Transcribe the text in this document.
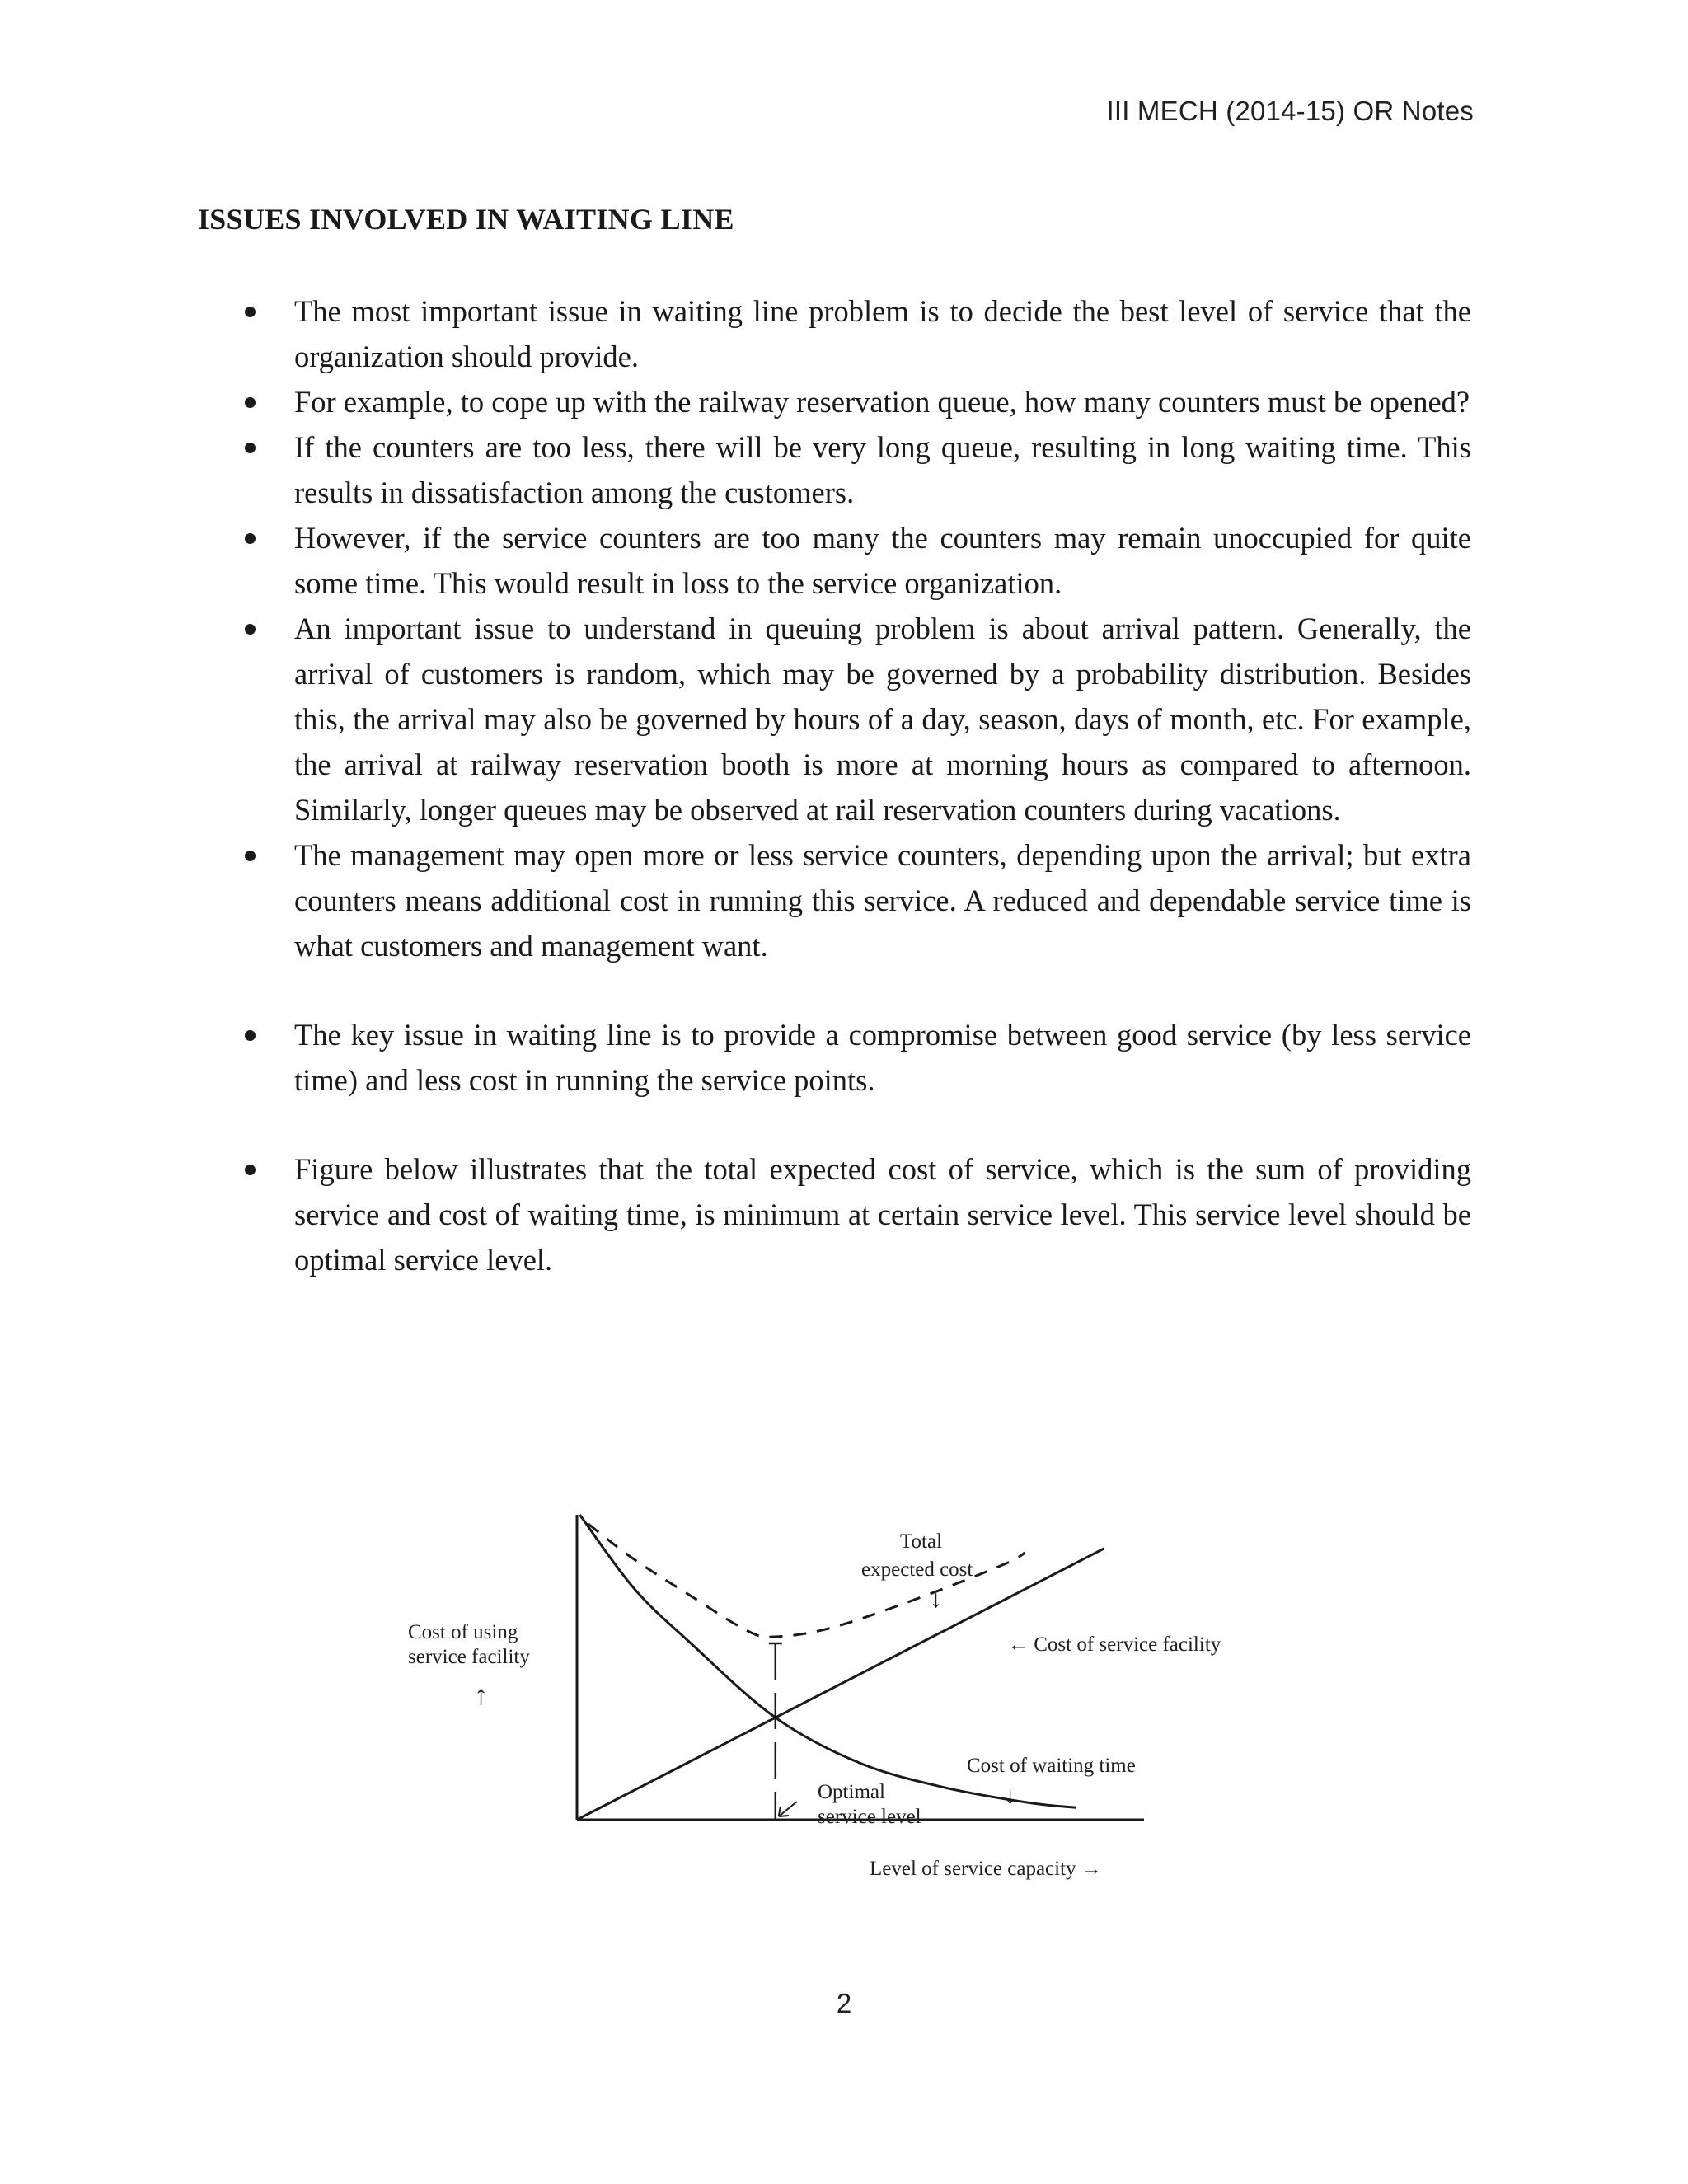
III MECH (2014-15) OR Notes
ISSUES INVOLVED IN WAITING LINE
The most important issue in waiting line problem is to decide the best level of service that the organization should provide.
For example, to cope up with the railway reservation queue, how many counters must be opened?
If the counters are too less, there will be very long queue, resulting in long waiting time. This results in dissatisfaction among the customers.
However, if the service counters are too many the counters may remain unoccupied for quite some time. This would result in loss to the service organization.
An important issue to understand in queuing problem is about arrival pattern. Generally, the arrival of customers is random, which may be governed by a probability distribution. Besides this, the arrival may also be governed by hours of a day, season, days of month, etc. For example, the arrival at railway reservation booth is more at morning hours as compared to afternoon. Similarly, longer queues may be observed at rail reservation counters during vacations.
The management may open more or less service counters, depending upon the arrival; but extra counters means additional cost in running this service. A reduced and dependable service time is what customers and management want.
The key issue in waiting line is to provide a compromise between good service (by less service time) and less cost in running the service points.
Figure below illustrates that the total expected cost of service, which is the sum of providing service and cost of waiting time, is minimum at certain service level. This service level should be optimal service level.
Cost of using
service facility
↑
Level of service capacity →
Total
expected cost
↓
← Cost of service facility
Cost of waiting time
↓
Optimal
service level
2
